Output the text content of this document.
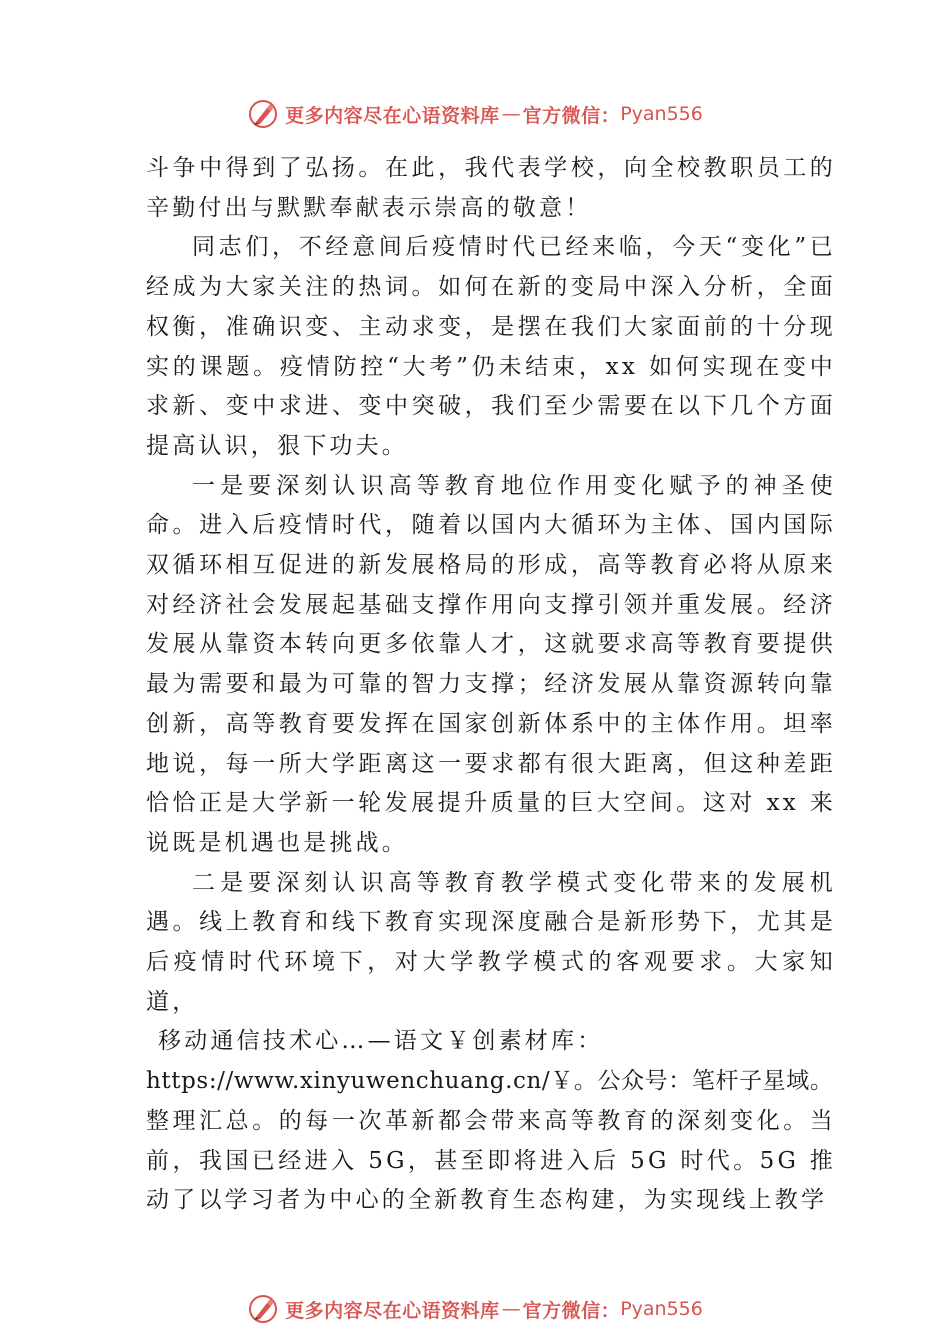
更多内容尽在心语资料库 — 官方微信： Pyan556

斗争中得到了弘扬。在此，我代表学校，向全校教职员工的辛勤付出与默默奉献表示崇高的敬意！

同志们，不经意间后疫情时代已经来临，今天“变化”已经成为大家关注的热词。如何在新的变局中深入分析，全面权衡，准确识变、主动求变，是摆在我们大家面前的十分现实的课题。疫情防控“大考”仍未结束，xx 如何实现在变中求新、变中求进、变中突破，我们至少需要在以下几个方面提高认识，狠下功夫。

一是要深刻认识高等教育地位作用变化赋予的神圣使命。进入后疫情时代，随着以国内大循环为主体、国内国际双循环相互促进的新发展格局的形成，高等教育必将从原来对经济社会发展起基础支撑作用向支撑引领并重发展。经济发展从靠资本转向更多依靠人才，这就要求高等教育要提供最为需要和最为可靠的智力支撑；经济发展从靠资源转向靠创新，高等教育要发挥在国家创新体系中的主体作用。坦率地说，每一所大学距离这一要求都有很大距离，但这种差距恰恰正是大学新一轮发展提升质量的巨大空间。这对 xx 来说既是机遇也是挑战。

二是要深刻认识高等教育教学模式变化带来的发展机遇。线上教育和线下教育实现深度融合是新形势下，尤其是后疫情时代环境下，对大学教学模式的客观要求。大家知道，

移动通信技术心…—语文￥创素材库：

https://www.xinyuwenchuang.cn/￥。公众号：笔杆子星域。

整理汇总。的每一次革新都会带来高等教育的深刻变化。当前，我国已经进入 5G，甚至即将进入后 5G 时代。5G 推动了以学习者为中心的全新教育生态构建，为实现线上教学

更多内容尽在心语资料库 — 官方微信： Pyan556
